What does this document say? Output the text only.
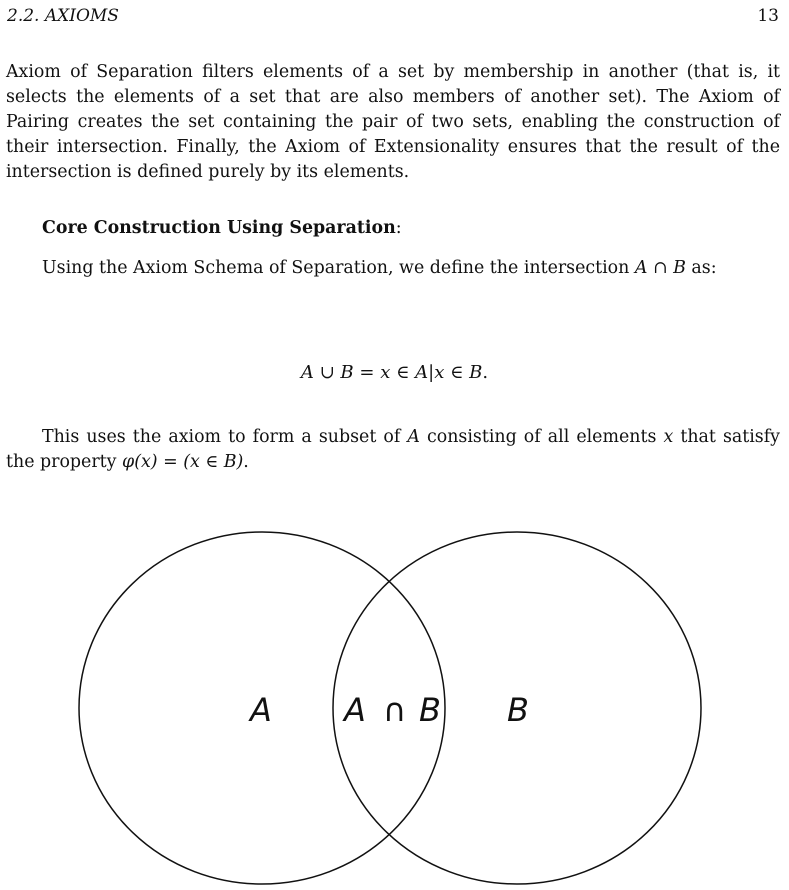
2.2. AXIOMS	13
Axiom of Separation filters elements of a set by membership in another (that is, it selects the elements of a set that are also members of another set). The Axiom of Pairing creates the set containing the pair of two sets, enabling the construction of their intersection. Finally, the Axiom of Extensionality ensures that the result of the intersection is defined purely by its elements.
Core Construction Using Separation:
Using the Axiom Schema of Separation, we define the intersection A ∩ B as:
A ∪ B = x ∈ A|x ∈ B.
This uses the axiom to form a subset of A consisting of all elements x that satisfy the property φ(x) = (x ∈ B).
A A ∩ B B
